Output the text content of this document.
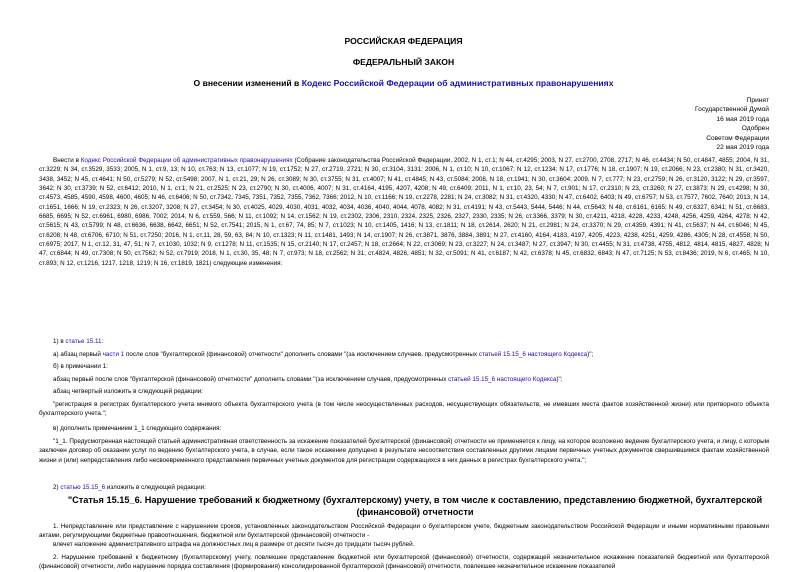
РОССИЙСКАЯ ФЕДЕРАЦИЯ
ФЕДЕРАЛЬНЫЙ ЗАКОН
О внесении изменений в Кодекс Российской Федерации об административных правонарушениях
Принят
Государственной Думой
16 мая 2019 года
Одобрен
Советом Федерации
22 мая 2019 года

Внести в Кодекс Российской Федерации об административных правонарушениях (Собрание законодательства Российской Федерации, 2002, N 1, ст.1; N 44, ст.4295; 2003, N 27, ст.2700, 2708, 2717; N 46, ст.4434; N 50, ст.4847, 4855; 2004, N 31, ст.3229; N 34, ст.3529, 3533; 2005, N 1, ст.9, 13; N 10, ст.763; N 13, ст.1077; N 19, ст.1752; N 27, ст.2719, 2721; N 30, ст.3104, 3131; 2006, N 1, ст.10; N 10, ст.1067; N 12, ст.1234; N 17, ст.1776; N 18, ст.1907; N 19, ст.2066; N 23, ст.2380; N 31, ст.3420, 3438, 3452; N 45, ст.4641; N 50, ст.5279; N 52, ст.5498; 2007, N 1, ст.21, 29; N 26, ст.3089; N 30, ст.3755; N 31, ст.4007; N 41, ст.4845; N 43, ст.5084; 2008, N 18, ст.1941; N 30, ст.3604; 2009, N 7, ст.777; N 23, ст.2759; N 26, ст.3120, 3122; N 29, ст.3597, 3642; N 30, ст.3739; N 52, ст.6412; 2010, N 1, ст.1; N 21, ст.2525; N 23, ст.2790; N 30, ст.4006, 4007; N 31, ст.4164, 4195, 4207, 4208; N 49, ст.6409; 2011, N 1, ст.10, 23, 54; N 7, ст.901; N 17, ст.2310; N 23, ст.3260; N 27, ст.3873; N 29, ст.4298; N 30, ст.4573, 4585, 4590, 4598, 4600, 4605; N 46, ст.6406; N 50, ст.7342, 7345, 7351, 7352, 7355, 7362, 7366; 2012, N 10, ст.1166; N 19, ст.2278, 2281; N 24, ст.3082; N 31, ст.4320, 4330; N 47, ст.6402, 6403; N 49, ст.6757; N 53, ст.7577, 7602, 7640; 2013, N 14, ст.1651, 1666; N 19, ст.2323; N 26, ст.3207, 3208; N 27, ст.3454; N 30, ст.4025, 4029, 4030, 4031, 4032, 4034, 4036, 4040, 4044, 4078, 4082; N 31, ст.4191; N 43, ст.5443, 5444, 5446; N 44, ст.5643; N 48, ст.6161, 6165; N 49, ст.6327, 6341; N 51, ст.6683, 6685, 6695; N 52, ст.6961, 6980, 6986, 7002; 2014, N 6, ст.559, 566; N 11, ст.1092; N 14, ст.1562; N 19, ст.2302, 2306, 2310, 2324, 2325, 2326, 2327, 2330, 2335; N 26, ст.3366, 3379; N 30, ст.4211, 4218, 4228, 4233, 4248, 4256, 4259, 4264, 4278; N 42, ст.5615; N 43, ст.5799; N 48, ст.6636, 6638, 6642, 6651; N 52, ст.7541; 2015, N 1, ст.67, 74, 85; N 7, ст.1023; N 10, ст.1405, 1416; N 13, ст.1811; N 18, ст.2614, 2620; N 21, ст.2981; N 24, ст.3370; N 29, ст.4359, 4391; N 41, ст.5637; N 44, ст.6046; N 45, ст.6208; N 48, ст.6706, 6710; N 51, ст.7250; 2016, N 1, ст.11, 28, 59, 63, 84; N 10, ст.1323; N 11, ст.1481, 1493; N 14, ст.1907; N 26, ст.3871, 3876, 3884, 3891; N 27, ст.4160, 4164, 4183, 4197, 4205, 4223, 4238, 4251, 4259, 4286, 4305; N 28, ст.4558; N 50, ст.6975; 2017, N 1, ст.12, 31, 47, 51; N 7, ст.1030, 1032; N 9, ст.1278; N 11, ст.1535; N 15, ст.2140; N 17, ст.2457; N 18, ст.2664; N 22, ст.3069; N 23, ст.3227; N 24, ст.3487; N 27, ст.3947; N 30, ст.4455; N 31, ст.4738, 4755, 4812, 4814, 4815, 4827, 4828; N 47, ст.6844; N 49, ст.7308; N 50, ст.7562; N 52, ст.7919; 2018, N 1, ст.30, 35, 48; N 7, ст.973; N 18, ст.2562; N 31, ст.4824, 4826, 4851; N 32, ст.5091; N 41, ст.6187; N 42, ст.6378; N 45, ст.6832, 6843; N 47, ст.7125; N 53, ст.8436; 2019, N 6, ст.465; N 10, ст.893; N 12, ст.1216, 1217, 1218, 1219; N 16, ст.1819, 1821) следующие изменения:

1) в статье 15.11:
а) абзац первый части 1 после слов "бухгалтерской (финансовой) отчетности" дополнить словами "(за исключением случаев, предусмотренных статьей 15.15_6 настоящего Кодекса)";
б) в примечании 1:
абзац первый после слов "бухгалтерской (финансовой) отчетности" дополнить словами "(за исключением случаев, предусмотренных статьей 15.15_6 настоящего Кодекса)";
абзац четвертый изложить в следующей редакции:

"регистрация в регистрах бухгалтерского учета мнимого объекта бухгалтерского учета (в том числе неосуществленных расходов, несуществующих обязательств, не имевших места фактов хозяйственной жизни) или притворного объекта бухгалтерского учета.";

в) дополнить примечанием 1_1 следующего содержания:

"1_1. Предусмотренная настоящей статьей административная ответственность за искажение показателей бухгалтерской (финансовой) отчетности не применяется к лицу, на которое возложено ведение бухгалтерского учета, и лицу, с которым заключен договор об оказании услуг по ведению бухгалтерского учета, в случае, если такое искажение допущено в результате несоответствия составленных другими лицами первичных учетных документов свершившимся фактам хозяйственной жизни и (или) непредставления либо несвоевременного представления первичных учетных документов для регистрации содержащихся в них данных в регистрах бухгалтерского учета.";

2) статью 15.15_6 изложить в следующей редакции:

"Статья 15.15_6. Нарушение требований к бюджетному (бухгалтерскому) учету, в том числе к составлению, представлению бюджетной, бухгалтерской (финансовой) отчетности

1. Непредставление или представление с нарушением сроков, установленных законодательством Российской Федерации о бухгалтерском учете, бюджетным законодательством Российской Федерации и иными нормативными правовыми актами, регулирующими бюджетные правоотношения, бюджетной или бухгалтерской (финансовой) отчетности -

влечет наложение административного штрафа на должностных лиц в размере от десяти тысяч до тридцати тысяч рублей.

2. Нарушение требований к бюджетному (бухгалтерскому) учету, повлекшее представление бюджетной или бухгалтерской (финансовой) отчетности, содержащей незначительное искажение показателей бюджетной или бухгалтерской (финансовой) отчетности, либо нарушение порядка составления (формирования) консолидированной бухгалтерской (финансовой) отчетности, повлекшее незначительное искажение показателей
